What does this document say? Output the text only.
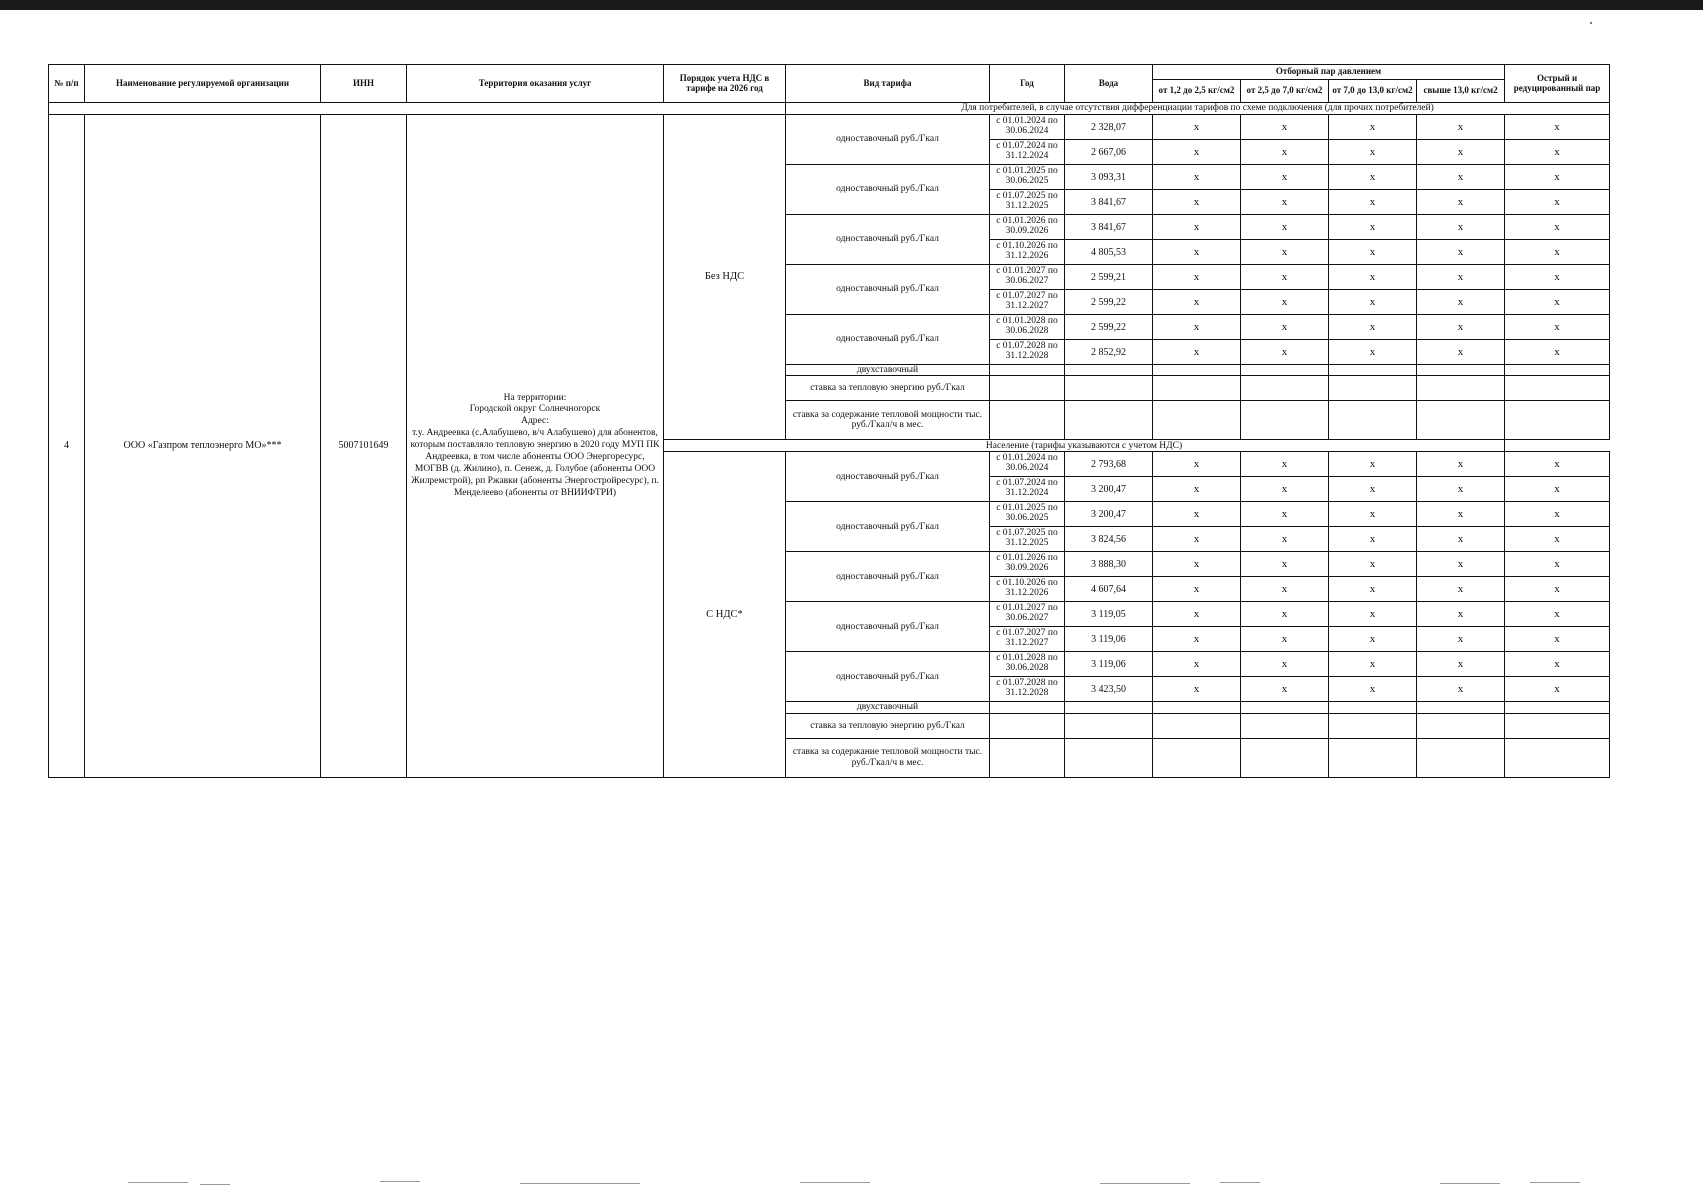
№ п/п	Наименование регулируемой организации	ИНН	Территория оказания услуг	Порядок учета НДС в тарифе на 2026 год	Вид тарифа	Год	Вода	Отборный пар давлением				Острый и редуцированный пар
								от 1,2 до 2,5 кг/см2	от 2,5 до 7,0 кг/см2	от 7,0 до 13,0 кг/см2	свыше 13,0 кг/см2	
					Для потребителей, в случае отсутствия дифференциации тарифов по схеме подключения (для прочих потребителей)							
4	ООО «Газпром теплоэнерго МО»***	5007101649	На территории:
Городской округ Солнечногорск
Адрес:
т.у. Андреевка (с.Алабушево, в/ч Алабушево) для абонентов, которым поставляло тепловую энергию в 2020 году МУП ПК Андреевка, в том числе абоненты ООО Энергоресурс, МОГВВ (д. Жилино), п. Сенеж, д. Голубое (абоненты ООО Жилремстрой), рп Ржавки (абоненты Энергостройресурс), п. Менделеево (абоненты от ВНИИФТРИ)	Без НДС	одноставочный руб./Гкал	с 01.01.2024 по 30.06.2024	2 328,07	x	x	x	x	x
						с 01.07.2024 по 31.12.2024	2 667,06	x	x	x	x	x
					одноставочный руб./Гкал	с 01.01.2025 по 30.06.2025	3 093,31	x	x	x	x	x
						с 01.07.2025 по 31.12.2025	3 841,67	x	x	x	x	x
					одноставочный руб./Гкал	с 01.01.2026 по 30.09.2026	3 841,67	x	x	x	x	x
						с 01.10.2026 по 31.12.2026	4 805,53	x	x	x	x	x
					одноставочный руб./Гкал	с 01.01.2027 по 30.06.2027	2 599,21	x	x	x	x	x
						с 01.07.2027 по 31.12.2027	2 599,22	x	x	x	x	x
					одноставочный руб./Гкал	с 01.01.2028 по 30.06.2028	2 599,22	x	x	x	x	x
						с 01.07.2028 по 31.12.2028	2 852,92	x	x	x	x	x
					двухставочный							
					ставка за тепловую энергию руб./Гкал							
					ставка за содержание тепловой мощности тыс. руб./Гкал/ч в мес.							
				Население (тарифы указываются с учетом НДС)								
				С НДС*	одноставочный руб./Гкал	с 01.01.2024 по 30.06.2024	2 793,68	x	x	x	x	x
						с 01.07.2024 по 31.12.2024	3 200,47	x	x	x	x	x
					одноставочный руб./Гкал	с 01.01.2025 по 30.06.2025	3 200,47	x	x	x	x	x
						с 01.07.2025 по 31.12.2025	3 824,56	x	x	x	x	x
					одноставочный руб./Гкал	с 01.01.2026 по 30.09.2026	3 888,30	x	x	x	x	x
						с 01.10.2026 по 31.12.2026	4 607,64	x	x	x	x	x
					одноставочный руб./Гкал	с 01.01.2027 по 30.06.2027	3 119,05	x	x	x	x	x
						с 01.07.2027 по 31.12.2027	3 119,06	x	x	x	x	x
					одноставочный руб./Гкал	с 01.01.2028 по 30.06.2028	3 119,06	x	x	x	x	x
						с 01.07.2028 по 31.12.2028	3 423,50	x	x	x	x	x
					двухставочный							
					ставка за тепловую энергию руб./Гкал							
					ставка за содержание тепловой мощности тыс. руб./Гкал/ч в мес.							
